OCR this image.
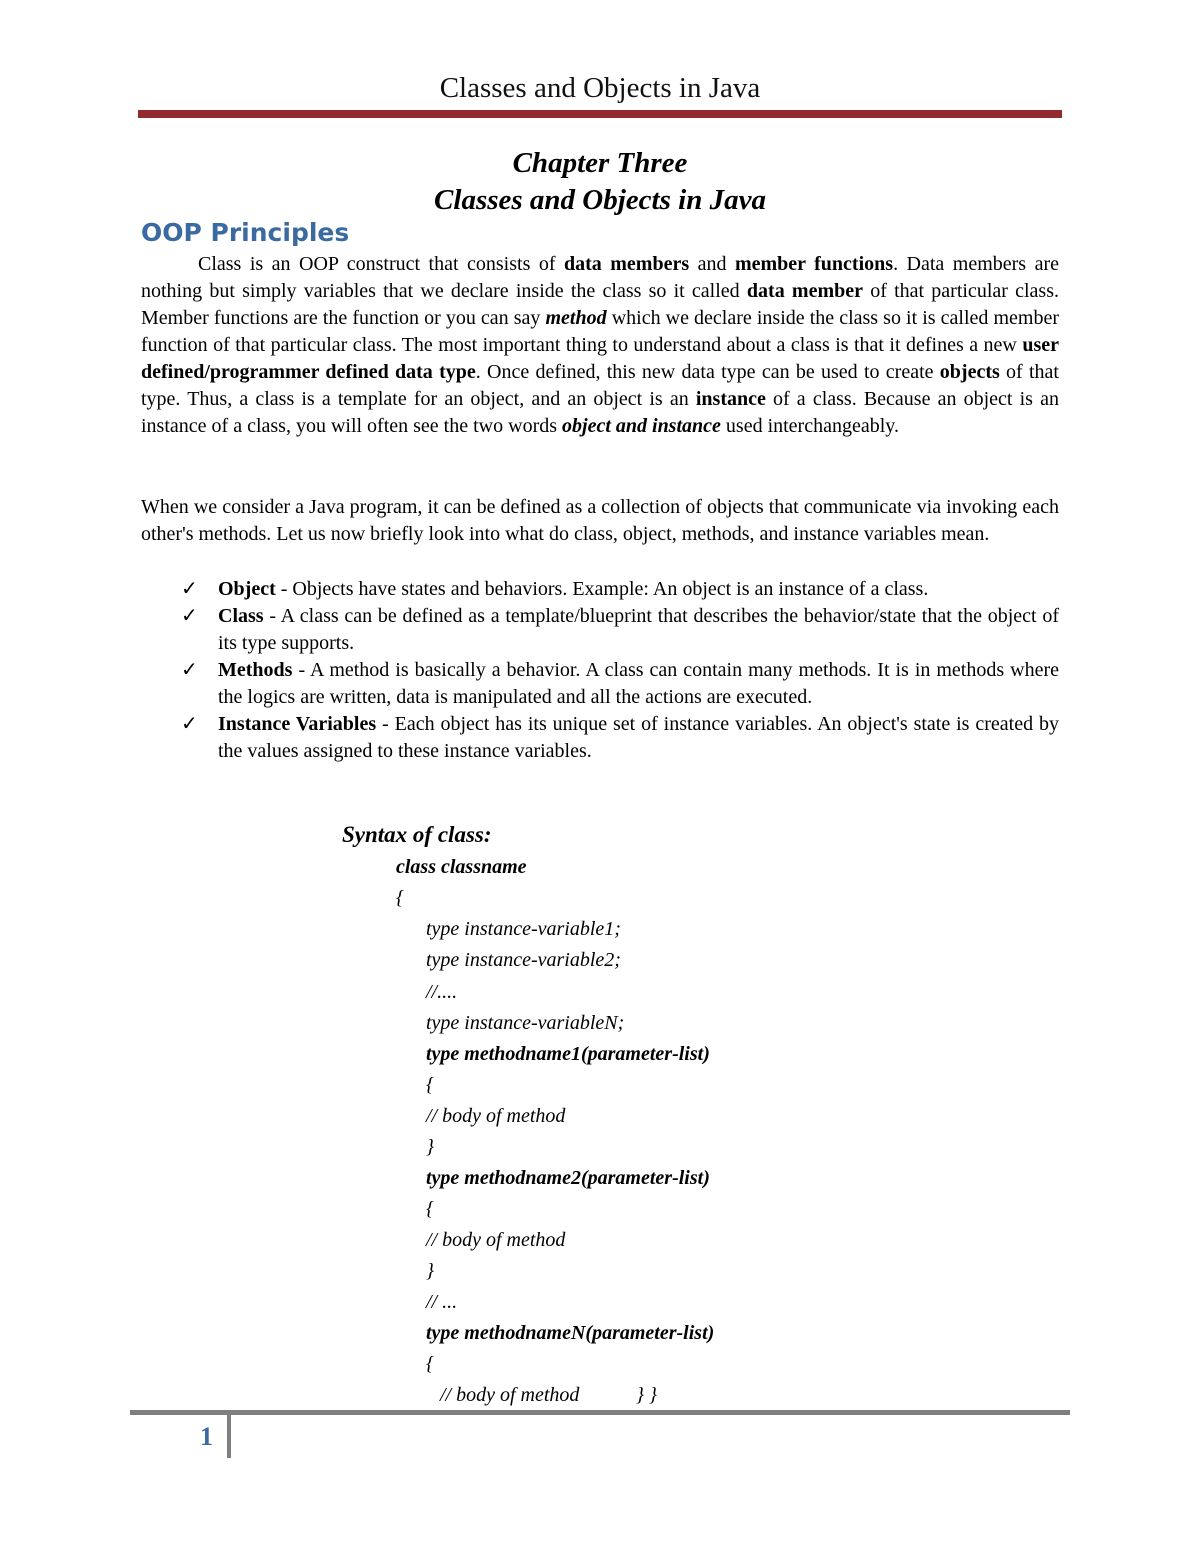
Classes and Objects in Java
Chapter Three
Classes and Objects in Java
OOP Principles

Class is an OOP construct that consists of data members and member functions. Data members are nothing but simply variables that we declare inside the class so it called data member of that particular class. Member functions are the function or you can say method which we declare inside the class so it is called member function of that particular class. The most important thing to understand about a class is that it defines a new user defined/programmer defined data type. Once defined, this new data type can be used to create objects of that type. Thus, a class is a template for an object, and an object is an instance of a class. Because an object is an instance of a class, you will often see the two words object and instance used interchangeably.

When we consider a Java program, it can be defined as a collection of objects that communicate via invoking each other's methods. Let us now briefly look into what do class, object, methods, and instance variables mean.

✓ Object - Objects have states and behaviors. Example: An object is an instance of a class.
✓ Class - A class can be defined as a template/blueprint that describes the behavior/state that the object of its type supports.
✓ Methods - A method is basically a behavior. A class can contain many methods. It is in methods where the logics are written, data is manipulated and all the actions are executed.
✓ Instance Variables - Each object has its unique set of instance variables. An object's state is created by the values assigned to these instance variables.
Syntax of class:
class classname
{
type instance-variable1;
type instance-variable2;
//....
type instance-variableN;
type methodname1(parameter-list)
{
// body of method
}
type methodname2(parameter-list)
{
// body of method
}
// ...
type methodnameN(parameter-list)
{
// body of method	} }
1
